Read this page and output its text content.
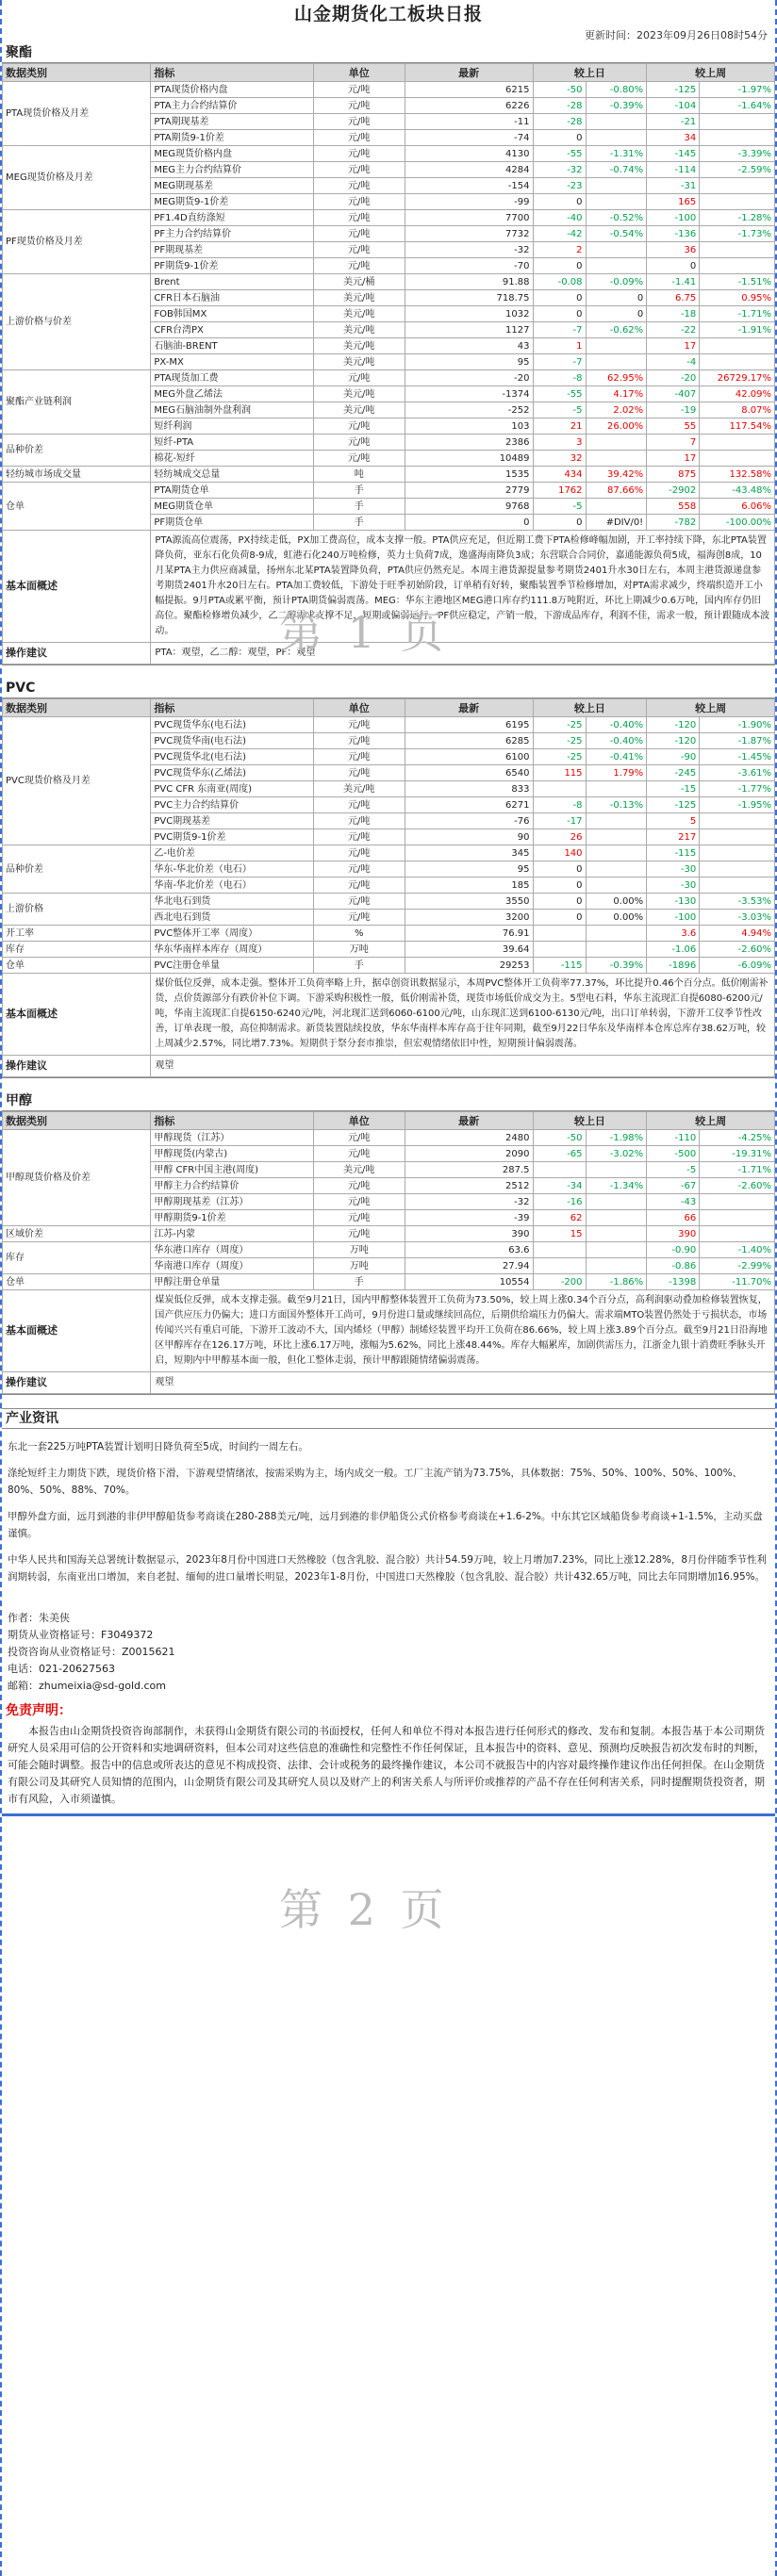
山金期货化工板块日报
更新时间：2023年09月26日08时54分
聚酯
数据类别	指标	单位	最新	较上日		较上周	
PTA现货价格及月差	PTA现货价格内盘	元/吨	6215	-50	-0.80%	-125	-1.97%
	PTA主力合约结算价	元/吨	6226	-28	-0.39%	-104	-1.64%
	PTA期现基差	元/吨	-11	-28		-21	
	PTA期货9-1价差	元/吨	-74	0		34	
MEG现货价格及月差	MEG现货价格内盘	元/吨	4130	-55	-1.31%	-145	-3.39%
	MEG主力合约结算价	元/吨	4284	-32	-0.74%	-114	-2.59%
	MEG期现基差	元/吨	-154	-23		-31	
	MEG期货9-1价差	元/吨	-99	0		165	
PF现货价格及月差	PF1.4D直纺涤短	元/吨	7700	-40	-0.52%	-100	-1.28%
	PF主力合约结算价	元/吨	7732	-42	-0.54%	-136	-1.73%
	PF期现基差	元/吨	-32	2		36	
	PF期货9-1价差	元/吨	-70	0		0	
上游价格与价差	Brent	美元/桶	91.88	-0.08	-0.09%	-1.41	-1.51%
	CFR日本石脑油	美元/吨	718.75	0	0	6.75	0.95%
	FOB韩国MX	美元/吨	1032	0	0	-18	-1.71%
	CFR台湾PX	美元/吨	1127	-7	-0.62%	-22	-1.91%
	石脑油-BRENT	美元/吨	43	1		17	
	PX-MX	美元/吨	95	-7		-4	
聚酯产业链利润	PTA现货加工费	元/吨	-20	-8	62.95%	-20	26729.17%
	MEG外盘乙烯法	美元/吨	-1374	-55	4.17%	-407	42.09%
	MEG石脑油制外盘利润	美元/吨	-252	-5	2.02%	-19	8.07%
	短纤利润	元/吨	103	21	26.00%	55	117.54%
品种价差	短纤-PTA	元/吨	2386	3		7	
	棉花-短纤	元/吨	10489	32		17	
轻纺城市场成交量	轻纺城成交总量	吨	1535	434	39.42%	875	132.58%
仓单	PTA期货仓单	手	2779	1762	87.66%	-2902	-43.48%
	MEG期货仓单	手	9768	-5		558	6.06%
	PF期货仓单	手	0	0	#DIV/0!	-782	-100.00%
基本面概述	PTA源流高位震荡，PX持续走低，PX加工费高位，成本支撑一般。PTA供应充足，但近期工费下PTA检修峰幅加剧，开工率持续下降，东北PTA装置降负荷，亚东石化负荷8-9成，虹港石化240万吨检修，英力士负荷7成，逸盛海南降负3成；东营联合合同价，嘉通能源负荷5成，福海创8成，10月某PTA主力供应商减量，扬州东北某PTA装置降负荷，PTA供应仍然充足。本周主港货源提量参考期货2401升水30日左右，本周主港货源递盘参考期货2401升水20日左右。PTA加工费较低，下游处于旺季初始阶段，订单稍有好转，聚酯装置季节检修增加，对PTA需求减少，终端织造开工小幅提振。9月PTA或累平衡，预计PTA期货偏弱震荡。MEG：华东主港地区MEG港口库存约111.8万吨附近，环比上期减少0.6万吨，国内库存仍旧高位。聚酯检修增负减少，乙二醇需求支撑不足，短期或偏弱运行。PF供应稳定，产销一般，下游成品库存，利润不佳，需求一般，预计跟随成本波动。						
操作建议	PTA：观望，乙二醇：观望，PF：观望						
PVC
数据类别	指标	单位	最新	较上日		较上周	
PVC现货价格及月差	PVC现货华东(电石法)	元/吨	6195	-25	-0.40%	-120	-1.90%
	PVC现货华南(电石法)	元/吨	6285	-25	-0.40%	-120	-1.87%
	PVC现货华北(电石法)	元/吨	6100	-25	-0.41%	-90	-1.45%
	PVC现货华东(乙烯法)	元/吨	6540	115	1.79%	-245	-3.61%
	PVC CFR 东南亚(周度)	美元/吨	833			-15	-1.77%
	PVC主力合约结算价	元/吨	6271	-8	-0.13%	-125	-1.95%
	PVC期现基差	元/吨	-76	-17		5	
	PVC期货9-1价差	元/吨	90	26		217	
品种价差	乙-电价差	元/吨	345	140		-115	
	华东-华北价差（电石）	元/吨	95	0		-30	
	华南-华北价差（电石）	元/吨	185	0		-30	
上游价格	华北电石到货	元/吨	3550	0	0.00%	-130	-3.53%
	西北电石到货	元/吨	3200	0	0.00%	-100	-3.03%
开工率	PVC整体开工率（周度）	%	76.91			3.6	4.94%
库存	华东华南样本库存（周度）	万吨	39.64			-1.06	-2.60%
仓单	PVC注册仓单量	手	29253	-115	-0.39%	-1896	-6.09%
基本面概述	煤价低位反弹，成本走强。整体开工负荷率略上升，据卓创资讯数据显示，本周PVC整体开工负荷率77.37%，环比提升0.46个百分点。低价刚需补货，点价货源部分有跌价补位下调。下游采购积极性一般，低价刚需补货，现货市场低价成交为主。5型电石料，华东主流现汇自提6080-6200元/吨，华南主流现汇自提6150-6240元/吨，河北现汇送到6060-6100元/吨，山东现汇送到6100-6130元/吨，出口订单转弱，下游开工仪季节性改善，订单表现一般，高位抑制需求。新货装置陆续投放，华东华南样本库存高于往年同期，截至9月22日华东及华南样本仓库总库存38.62万吨，较上周减少2.57%，同比增7.73%。短期供于祭分套市推崇，但宏观情绪依旧中性，短期预计偏弱震荡。						
操作建议	观望						
甲醇
数据类别	指标	单位	最新	较上日		较上周	
甲醇现货价格及价差	甲醇现货（江苏）	元/吨	2480	-50	-1.98%	-110	-4.25%
	甲醇现货(内蒙古)	元/吨	2090	-65	-3.02%	-500	-19.31%
	甲醇 CFR中国主港(周度)	美元/吨	287.5			-5	-1.71%
	甲醇主力合约结算价	元/吨	2512	-34	-1.34%	-67	-2.60%
	甲醇期现基差（江苏）	元/吨	-32	-16		-43	
	甲醇期货9-1价差	元/吨	-39	62		66	
区域价差	江苏-内蒙	元/吨	390	15		390	
库存	华东港口库存（周度）	万吨	63.6			-0.90	-1.40%
	华南港口库存（周度）	万吨	27.94			-0.86	-2.99%
仓单	甲醇注册仓单量	手	10554	-200	-1.86%	-1398	-11.70%
基本面概述	煤炭低位反弹，成本支撑走强。截至9月21日，国内甲醇整体装置开工负荷为73.50%，较上周上涨0.34个百分点，高利润驱动叠加检修装置恢复，国产供应压力仍偏大；进口方面国外整体开工尚可，9月份进口量或继续回高位，后期供给端压力仍偏大。需求端MTO装置仍然处于亏损状态，市场传闻兴兴有重启可能，下游开工波动不大，国内烯烃（甲醇）制烯烃装置平均开工负荷在86.66%，较上周上涨3.89个百分点。截至9月21日沿海地区甲醇库存在126.17万吨，环比上涨6.17万吨，涨幅为5.62%，同比上涨48.44%。库存大幅累库，加剧供需压力，江浙金九银十消费旺季脉头开启，短期内中甲醇基本面一般，但化工整体走弱，预计甲醇跟随情绪偏弱震荡。						
操作建议	观望						
产业资讯

东北一套225万吨PTA装置计划明日降负荷至5成，时间约一周左右。

涤纶短纤主力期货下跌，现货价格下滑，下游观望情绪浓，按需采购为主，场内成交一般。工厂主流产销为73.75%，具体数据：75%、50%、100%、50%、100%、80%、50%、88%、70%。

甲醇外盘方面，远月到港的非伊甲醇船货参考商谈在280-288美元/吨，远月到港的非伊船货公式价格参考商谈在+1.6-2%。中东其它区域船货参考商谈+1-1.5%，主动买盘谨慎。

中华人民共和国海关总署统计数据显示，2023年8月份中国进口天然橡胶（包含乳胶、混合胶）共计54.59万吨，较上月增加7.23%，同比上涨12.28%，8月份伴随季节性利润期转弱，东南亚出口增加，来自老挝、缅甸的进口量增长明显，2023年1-8月份，中国进口天然橡胶（包含乳胶、混合胶）共计432.65万吨，同比去年同期增加16.95%。

作者：朱美侠
期货从业资格证号：F3049372
投资咨询从业资格证号：Z0015621
电话：021-20627563
邮箱：zhumeixia@sd-gold.com
免责声明：

本报告由山金期货投资咨询部制作，未获得山金期货有限公司的书面授权，任何人和单位不得对本报告进行任何形式的修改、发布和复制。本报告基于本公司期货研究人员采用可信的公开资料和实地调研资料，但本公司对这些信息的准确性和完整性不作任何保证，且本报告中的资料、意见、预测均反映报告初次发布时的判断，可能会随时调整。报告中的信息或所表达的意见不构成投资、法律、会计或税务的最终操作建议，本公司不就报告中的内容对最终操作建议作出任何担保。在山金期货有限公司及其研究人员知情的范围内，山金期货有限公司及其研究人员以及财产上的利害关系人与所评价或推荐的产品不存在任何利害关系，同时提醒期货投资者，期市有风险，入市须谨慎。

第 1 页
第 2 页
